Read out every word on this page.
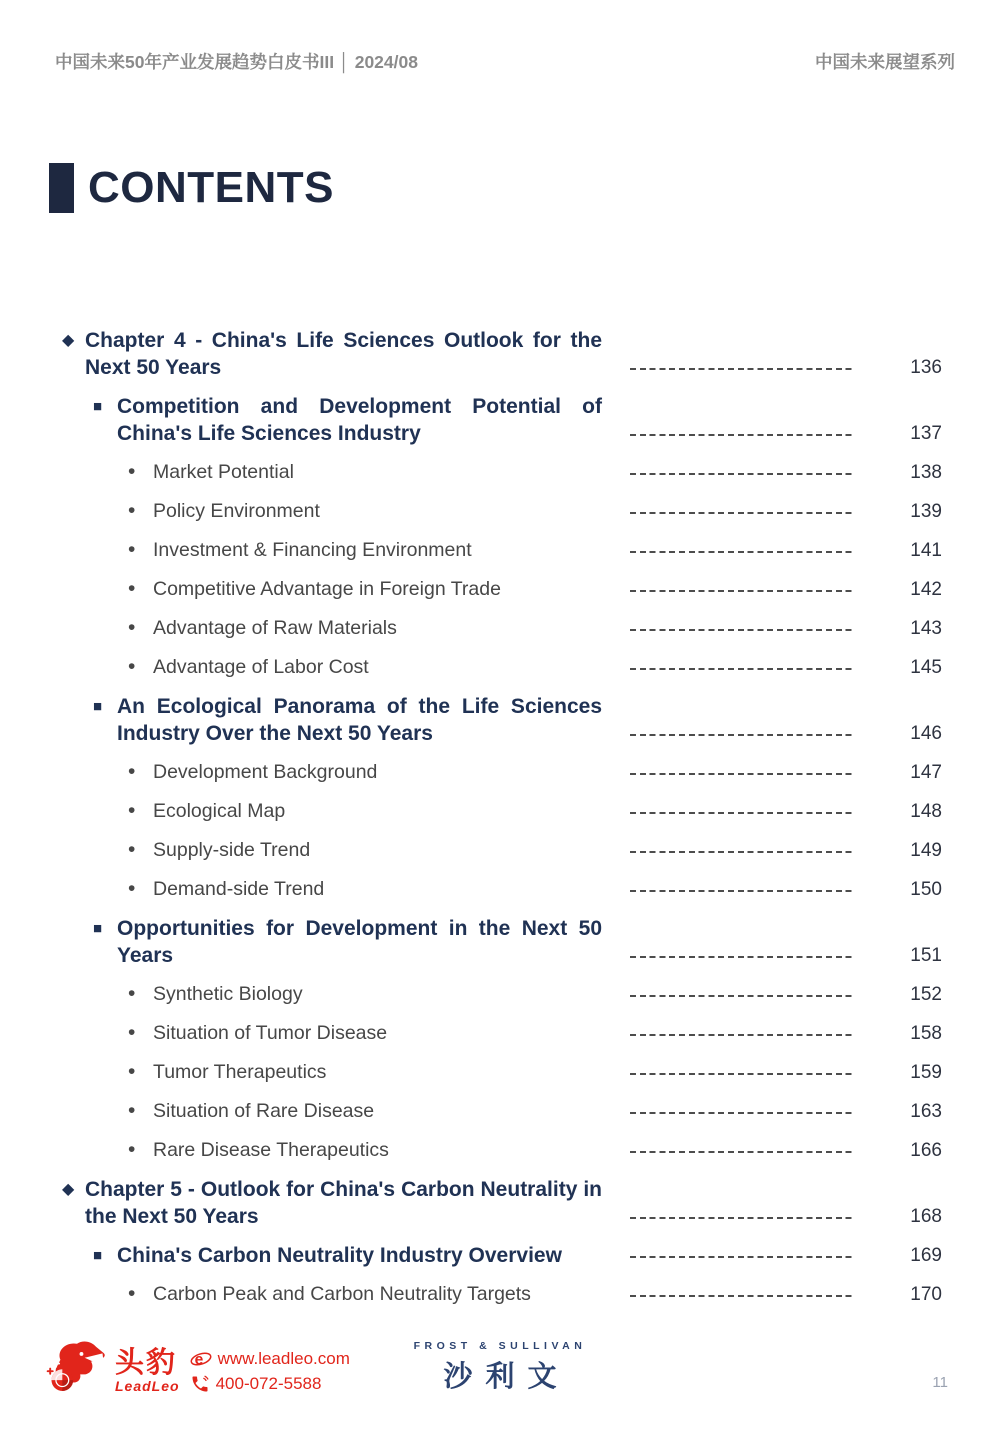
中国未来50年产业发展趋势白皮书III │ 2024/08	中国未来展望系列
CONTENTS
◆ Chapter 4 - China's Life Sciences Outlook for the Next 50 Years	136
■ Competition and Development Potential of China's Life Sciences Industry	137
• Market Potential	138
• Policy Environment	139
• Investment & Financing Environment	141
• Competitive Advantage in Foreign Trade	142
• Advantage of Raw Materials	143
• Advantage of Labor Cost	145
■ An Ecological Panorama of the Life Sciences Industry Over the Next 50 Years	146
• Development Background	147
• Ecological Map	148
• Supply-side Trend	149
• Demand-side Trend	150
■ Opportunities for Development in the Next 50 Years	151
• Synthetic Biology	152
• Situation of Tumor Disease	158
• Tumor Therapeutics	159
• Situation of Rare Disease	163
• Rare Disease Therapeutics	166
◆ Chapter 5 - Outlook for China's Carbon Neutrality in the Next 50 Years	168
■ China's Carbon Neutrality Industry Overview	169
• Carbon Peak and Carbon Neutrality Targets	170
头豹
LeadLeo
e www.leadleo.com
400-072-5588
FROST & SULLIVAN
沙利文	11
